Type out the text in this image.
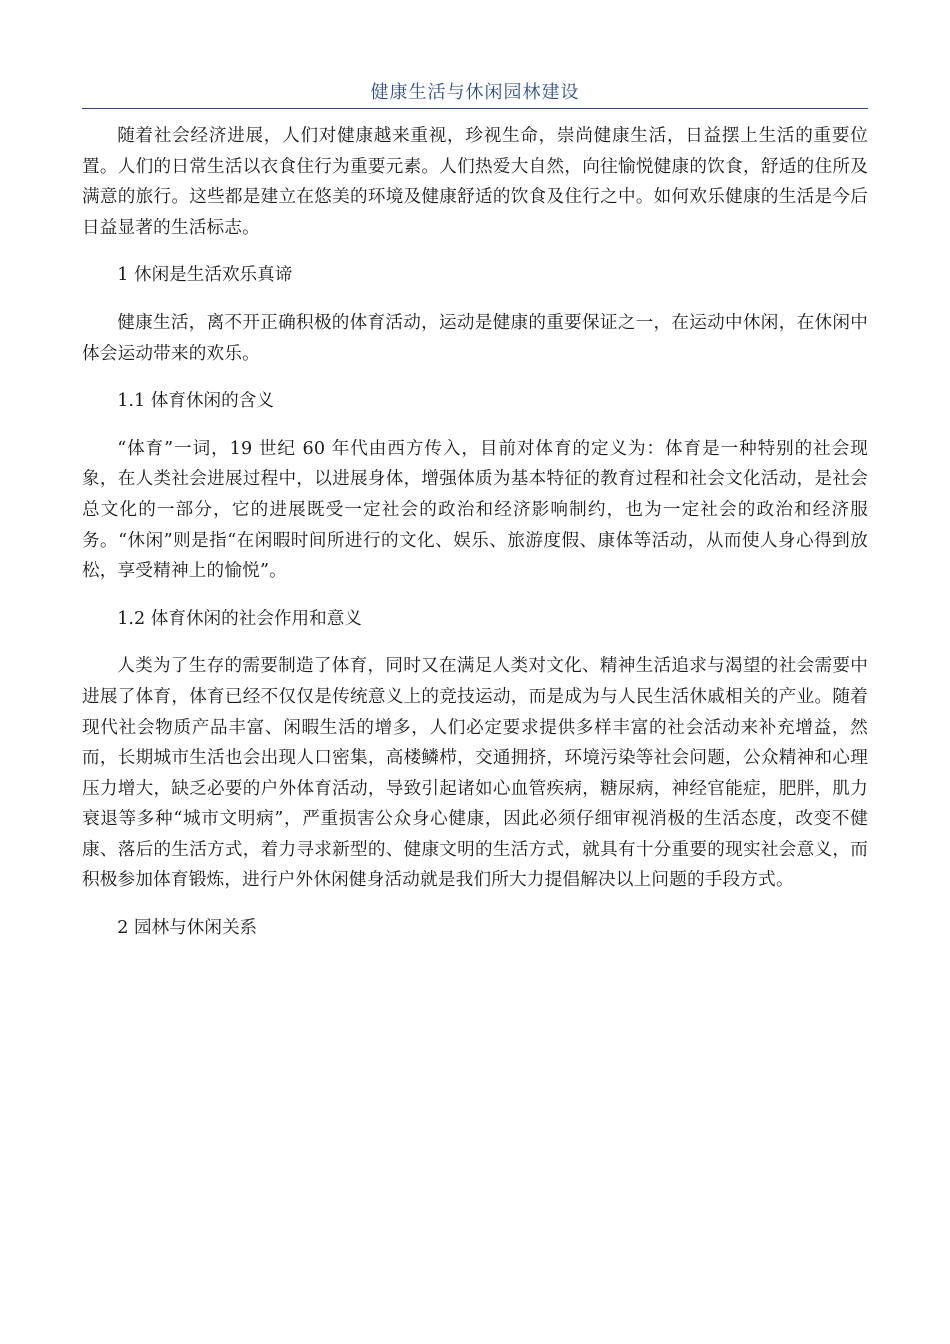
健康生活与休闲园林建设

随着社会经济进展，人们对健康越来重视，珍视生命，崇尚健康生活，日益摆上生活的重要位置。人们的日常生活以衣食住行为重要元素。人们热爱大自然，向往愉悦健康的饮食，舒适的住所及满意的旅行。这些都是建立在悠美的环境及健康舒适的饮食及住行之中。如何欢乐健康的生活是今后日益显著的生活标志。

1 休闲是生活欢乐真谛

健康生活，离不开正确积极的体育活动，运动是健康的重要保证之一，在运动中休闲，在休闲中体会运动带来的欢乐。

1.1 体育休闲的含义

“体育”一词，19 世纪 60 年代由西方传入，目前对体育的定义为：体育是一种特别的社会现象，在人类社会进展过程中，以进展身体，增强体质为基本特征的教育过程和社会文化活动，是社会总文化的一部分，它的进展既受一定社会的政治和经济影响制约，也为一定社会的政治和经济服务。“休闲”则是指“在闲暇时间所进行的文化、娱乐、旅游度假、康体等活动，从而使人身心得到放松，享受精神上的愉悦”。

1.2 体育休闲的社会作用和意义

人类为了生存的需要制造了体育，同时又在满足人类对文化、精神生活追求与渴望的社会需要中进展了体育，体育已经不仅仅是传统意义上的竞技运动，而是成为与人民生活休戚相关的产业。随着现代社会物质产品丰富、闲暇生活的增多，人们必定要求提供多样丰富的社会活动来补充增益，然而，长期城市生活也会出现人口密集，高楼鳞栉，交通拥挤，环境污染等社会问题，公众精神和心理压力增大，缺乏必要的户外体育活动，导致引起诸如心血管疾病，糖尿病，神经官能症，肥胖，肌力衰退等多种“城市文明病”，严重损害公众身心健康，因此必须仔细审视消极的生活态度，改变不健康、落后的生活方式，着力寻求新型的、健康文明的生活方式，就具有十分重要的现实社会意义，而积极参加体育锻炼，进行户外休闲健身活动就是我们所大力提倡解决以上问题的手段方式。

2 园林与休闲关系
